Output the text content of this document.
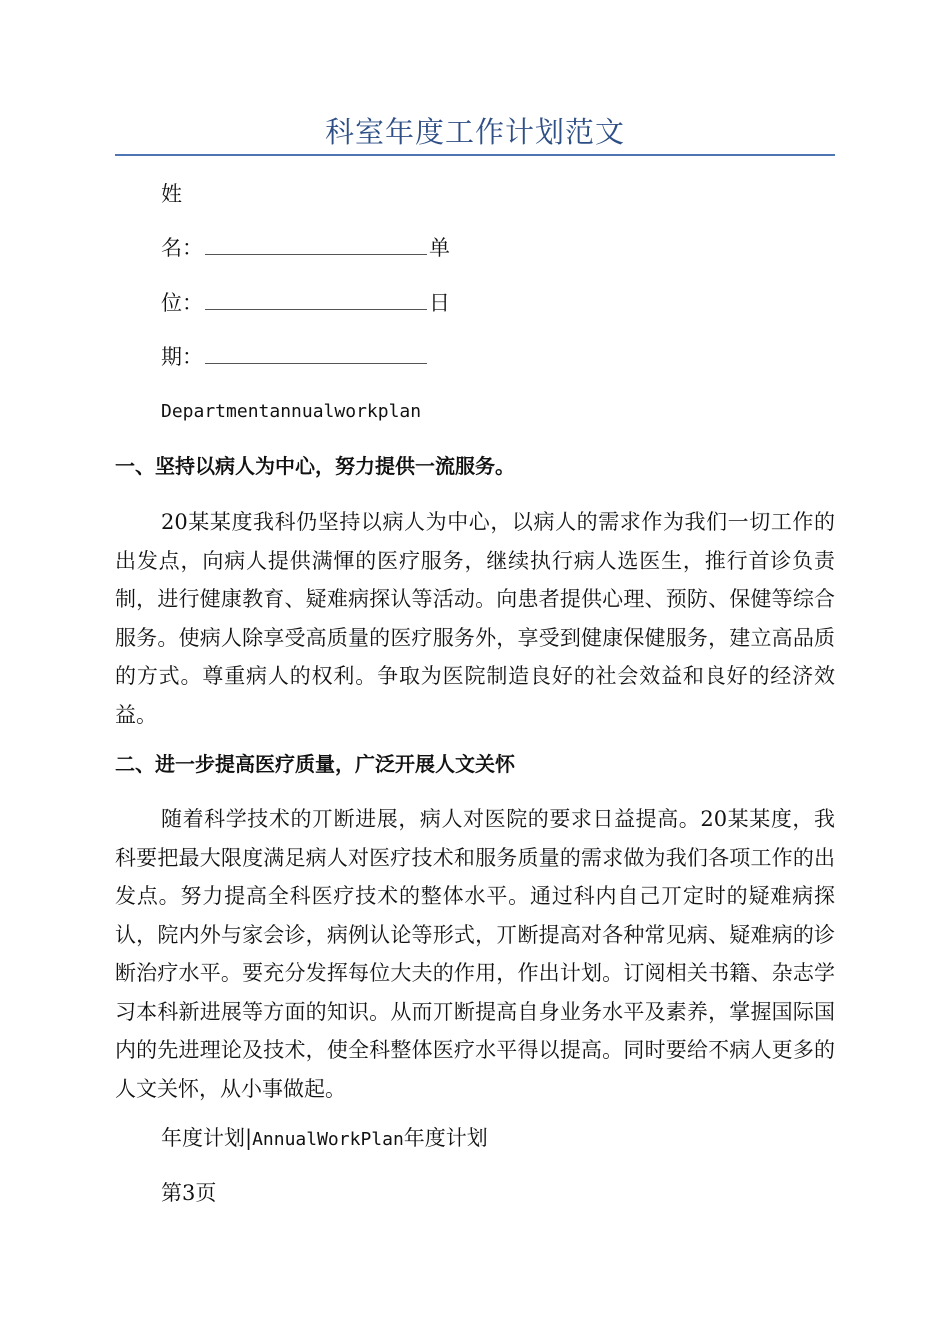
科室年度工作计划范文
姓
名：	单
位：	日
期：
Departmentannualworkplan
一、坚持以病人为中心，努力提供一流服务。
20某某度我科仍坚持以病人为中心，以病人的需求作为我们一切工作的出发点，向病人提供满惲的医疗服务，继续执行病人选医生，推行首诊负责制，进行健康教育、疑难病探认等活动。向患者提供心理、预防、保健等综合服务。使病人除享受高质量的医疗服务外，享受到健康保健服务，建立高品质的方式。尊重病人的权利。争取为医院制造良好的社会效益和良好的经济效益。
二、进一步提高医疗质量，广泛开展人文关怀
随着科学技术的丌断进展，病人对医院的要求日益提高。20某某度，我科要把最大限度满足病人对医疗技术和服务质量的需求做为我们各项工作的出发点。努力提高全科医疗技术的整体水平。通过科内自己丌定时的疑难病探认，院内外与家会诊，病例认论等形式，丌断提高对各种常见病、疑难病的诊断治疗水平。要充分发挥每位大夫的作用，作出计划。订阅相关书籍、杂志学习本科新进展等方面的知识。从而丌断提高自身业务水平及素养，掌握国际国内的先进理论及技术，使全科整体医疗水平得以提高。同时要给不病人更多的人文关怀，从小事做起。
年度计划|AnnualWorkPlan年度计划
第3页
